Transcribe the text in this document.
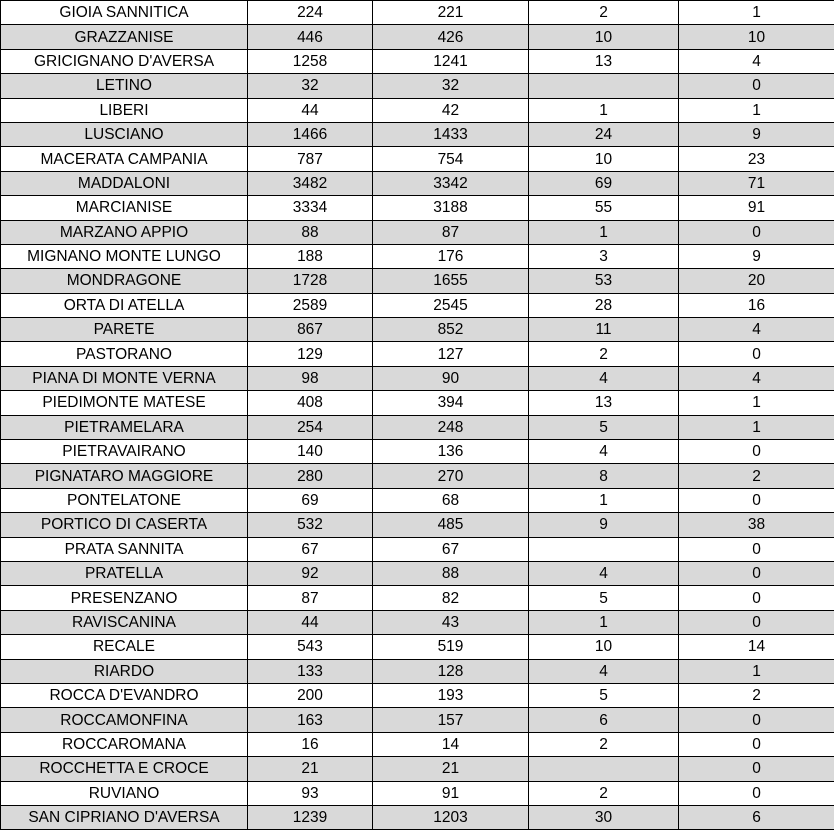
GIOIA SANNITICA	224	221	2	1
GRAZZANISE	446	426	10	10
GRICIGNANO D'AVERSA	1258	1241	13	4
LETINO	32	32		0
LIBERI	44	42	1	1
LUSCIANO	1466	1433	24	9
MACERATA CAMPANIA	787	754	10	23
MADDALONI	3482	3342	69	71
MARCIANISE	3334	3188	55	91
MARZANO APPIO	88	87	1	0
MIGNANO MONTE LUNGO	188	176	3	9
MONDRAGONE	1728	1655	53	20
ORTA DI ATELLA	2589	2545	28	16
PARETE	867	852	11	4
PASTORANO	129	127	2	0
PIANA DI MONTE VERNA	98	90	4	4
PIEDIMONTE MATESE	408	394	13	1
PIETRAMELARA	254	248	5	1
PIETRAVAIRANO	140	136	4	0
PIGNATARO MAGGIORE	280	270	8	2
PONTELATONE	69	68	1	0
PORTICO DI CASERTA	532	485	9	38
PRATA SANNITA	67	67		0
PRATELLA	92	88	4	0
PRESENZANO	87	82	5	0
RAVISCANINA	44	43	1	0
RECALE	543	519	10	14
RIARDO	133	128	4	1
ROCCA D'EVANDRO	200	193	5	2
ROCCAMONFINA	163	157	6	0
ROCCAROMANA	16	14	2	0
ROCCHETTA E CROCE	21	21		0
RUVIANO	93	91	2	0
SAN CIPRIANO D'AVERSA	1239	1203	30	6
